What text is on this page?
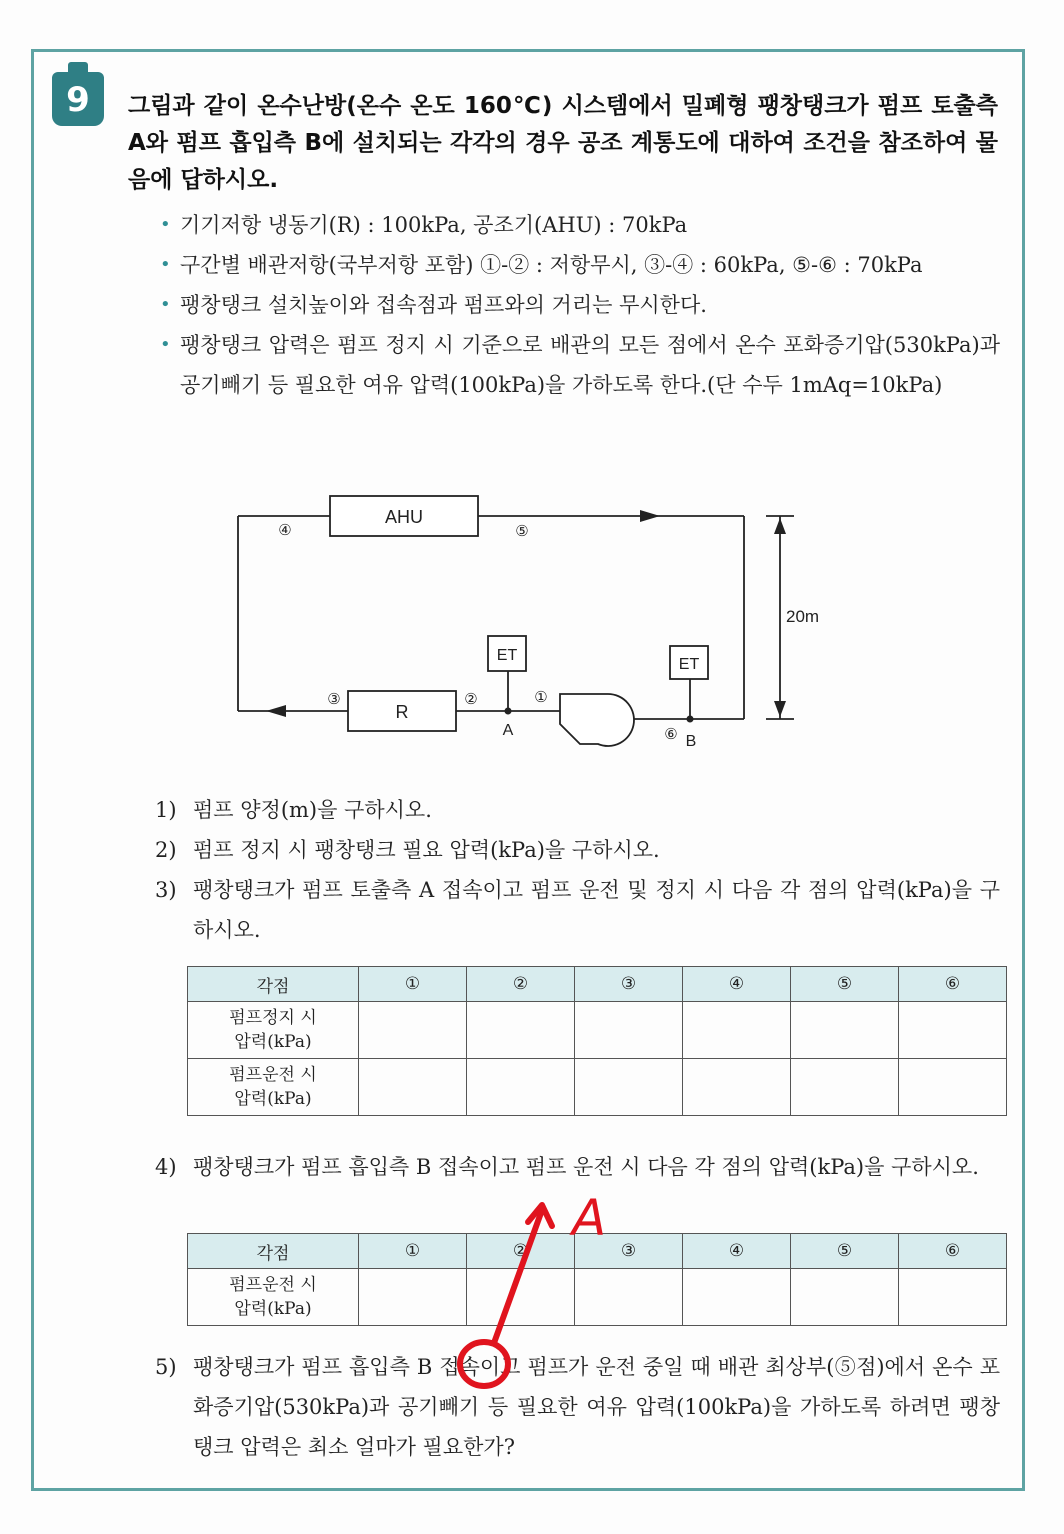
9	그림과 같이 온수난방(온수 온도 160℃) 시스템에서 밀폐형 팽창탱크가 펌프 토출측 A와 펌프 흡입측 B에 설치되는 각각의 경우 공조 계통도에 대하여 조건을 참조하여 물음에 답하시오.
• 기기저항 냉동기(R) : 100kPa, 공조기(AHU) : 70kPa
• 구간별 배관저항(국부저항 포함) ①-② : 저항무시, ③-④ : 60kPa, ⑤-⑥ : 70kPa
• 팽창탱크 설치높이와 접속점과 펌프와의 거리는 무시한다.
• 팽창탱크 압력은 펌프 정지 시 기준으로 배관의 모든 점에서 온수 포화증기압(530kPa)과 공기빼기 등 필요한 여유 압력(100kPa)을 가하도록 한다.(단 수두 1mAq=10kPa)
AHU
R
ET
ET
20m
A
B
①
②
③
④	⑤
⑥
1) 펌프 양정(m)을 구하시오.
2) 펌프 정지 시 팽창탱크 필요 압력(kPa)을 구하시오.
3) 팽창탱크가 펌프 토출측 A 접속이고 펌프 운전 및 정지 시 다음 각 점의 압력(kPa)을 구하시오.
각점	①	②	③	④	⑤	⑥
펌프정지 시
압력(kPa)						
펌프운전 시
압력(kPa)						
4) 팽창탱크가 펌프 흡입측 B 접속이고 펌프 운전 시 다음 각 점의 압력(kPa)을 구하시오.
각점	①	②	③	④	⑤	⑥
펌프운전 시
압력(kPa)						
5) 팽창탱크가 펌프 흡입측 B 접속이고 펌프가 운전 중일 때 배관 최상부(⑤점)에서 온수 포화증기압(530kPa)과 공기빼기 등 필요한 여유 압력(100kPa)을 가하도록 하려면 팽창탱크 압력은 최소 얼마가 필요한가?
A
